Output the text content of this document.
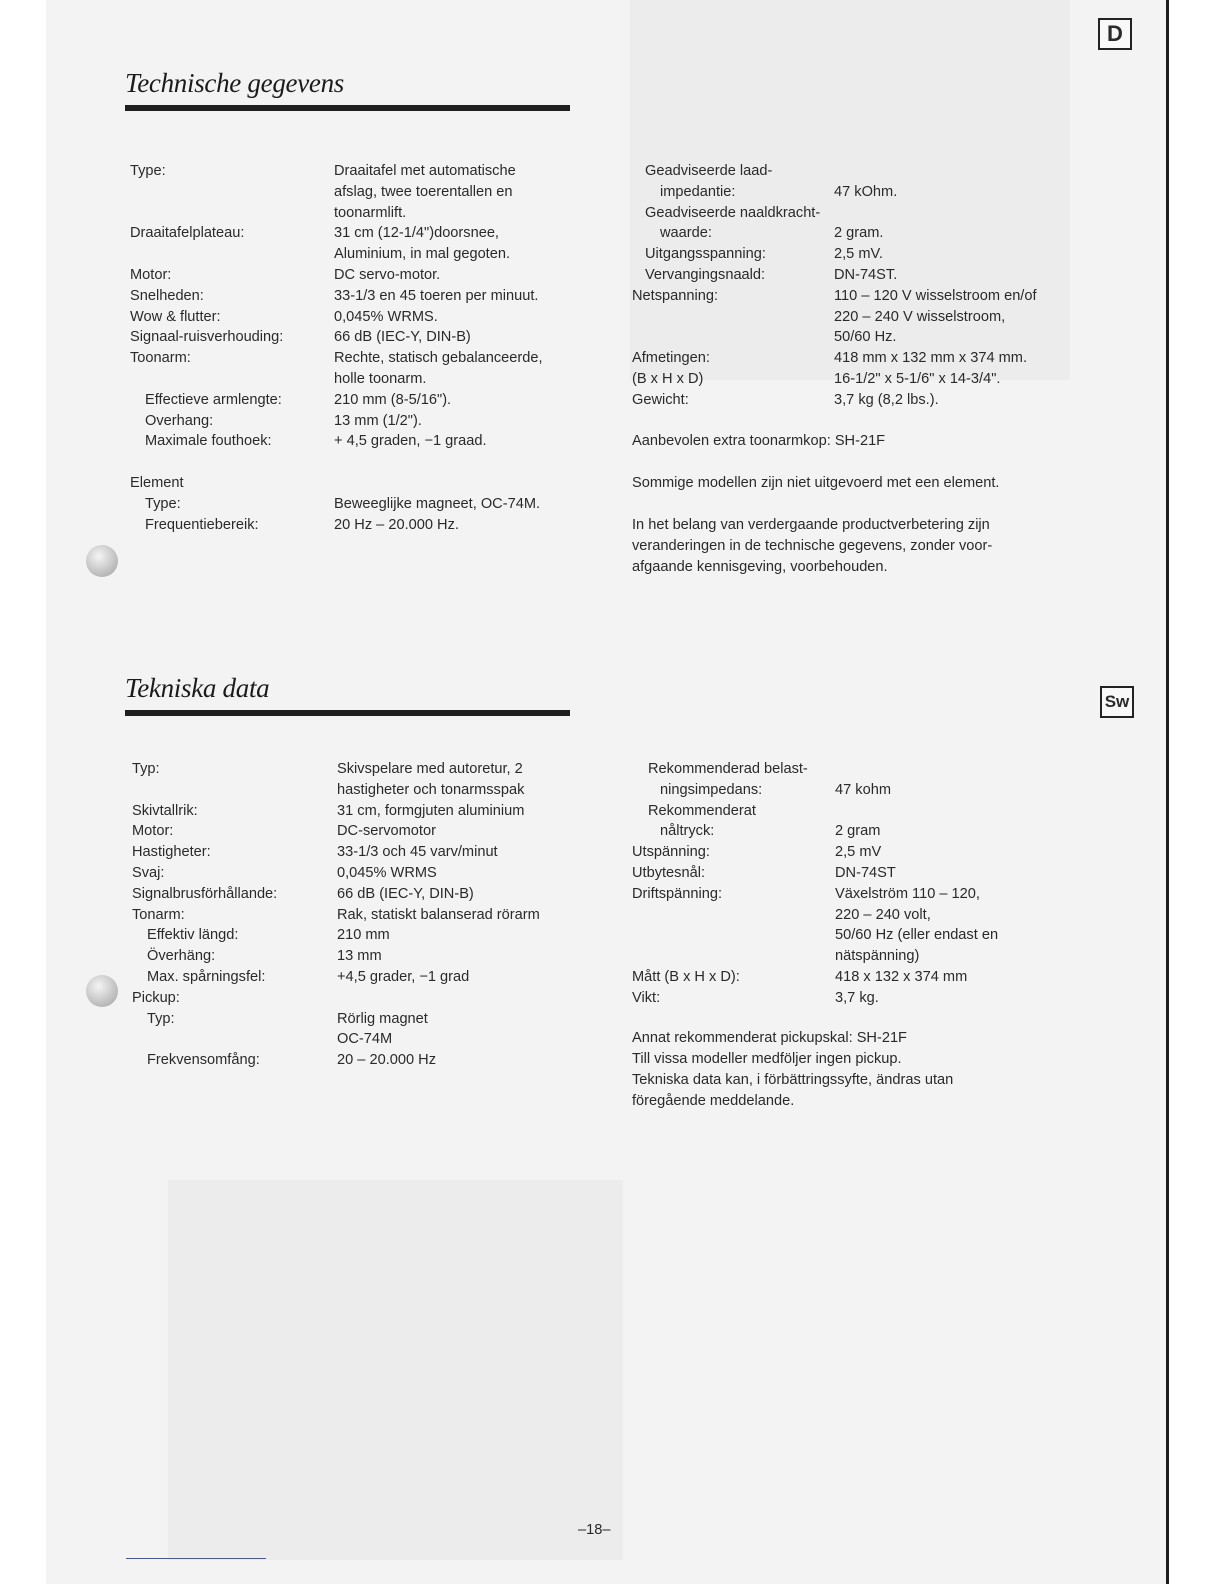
D
Sw
Technische gegevens
Type:	Draaitafel met automatische
afslag, twee toerentallen en
toonarmlift.
Draaitafelplateau:	31 cm (12-1/4")doorsnee,
Aluminium, in mal gegoten.
Motor:	DC servo-motor.
Snelheden:	33-1/3 en 45 toeren per minuut.
Wow & flutter:	0,045% WRMS.
Signaal-ruisverhouding:	66 dB (IEC-Y, DIN-B)
Toonarm:	Rechte, statisch gebalanceerde,
holle toonarm.
Effectieve armlengte:	210 mm (8-5/16").
Overhang:	13 mm (1/2").
Maximale fouthoek:	+ 4,5 graden, −1 graad.
Element
Type:	Beweeglijke magneet, OC-74M.
Frequentiebereik:	20 Hz – 20.000 Hz.
Geadviseerde laad-
impedantie:	47 kOhm.
Geadviseerde naaldkracht-
waarde:	2 gram.
Uitgangsspanning:	2,5 mV.
Vervangingsnaald:	DN-74ST.
Netspanning:	110 – 120 V wisselstroom en/of
220 – 240 V wisselstroom,
50/60 Hz.
Afmetingen:	418 mm x 132 mm x 374 mm.
(B x H x D)	16-1/2" x 5-1/6" x 14-3/4".
Gewicht:	3,7 kg (8,2 lbs.).
Aanbevolen extra toonarmkop: SH-21F
Sommige modellen zijn niet uitgevoerd met een element.
In het belang van verdergaande productverbetering zijn
veranderingen in de technische gegevens, zonder voor-
afgaande kennisgeving, voorbehouden.
Tekniska data
Typ:	Skivspelare med autoretur, 2
hastigheter och tonarmsspak
Skivtallrik:	31 cm, formgjuten aluminium
Motor:	DC-servomotor
Hastigheter:	33-1/3 och 45 varv/minut
Svaj:	0,045% WRMS
Signalbrusförhållande:	66 dB (IEC-Y, DIN-B)
Tonarm:	Rak, statiskt balanserad rörarm
Effektiv längd:	210 mm
Överhäng:	13 mm
Max. spårningsfel:	+4,5 grader, −1 grad
Pickup:
Typ:	Rörlig magnet
OC-74M
Frekvensomfång:	20 – 20.000 Hz
Rekommenderad belast-
ningsimpedans:	47 kohm
Rekommenderat
nåltryck:	2 gram
Utspänning:	2,5 mV
Utbytesnål:	DN-74ST
Driftspänning:	Växelström 110 – 120,
220 – 240 volt,
50/60 Hz (eller endast en
nätspänning)
Mått (B x H x D):	418 x 132 x 374 mm
Vikt:	3,7 kg.
Annat rekommenderat pickupskal: SH-21F
Till vissa modeller medföljer ingen pickup.
Tekniska data kan, i förbättringssyfte, ändras utan
föregående meddelande.
–18–
